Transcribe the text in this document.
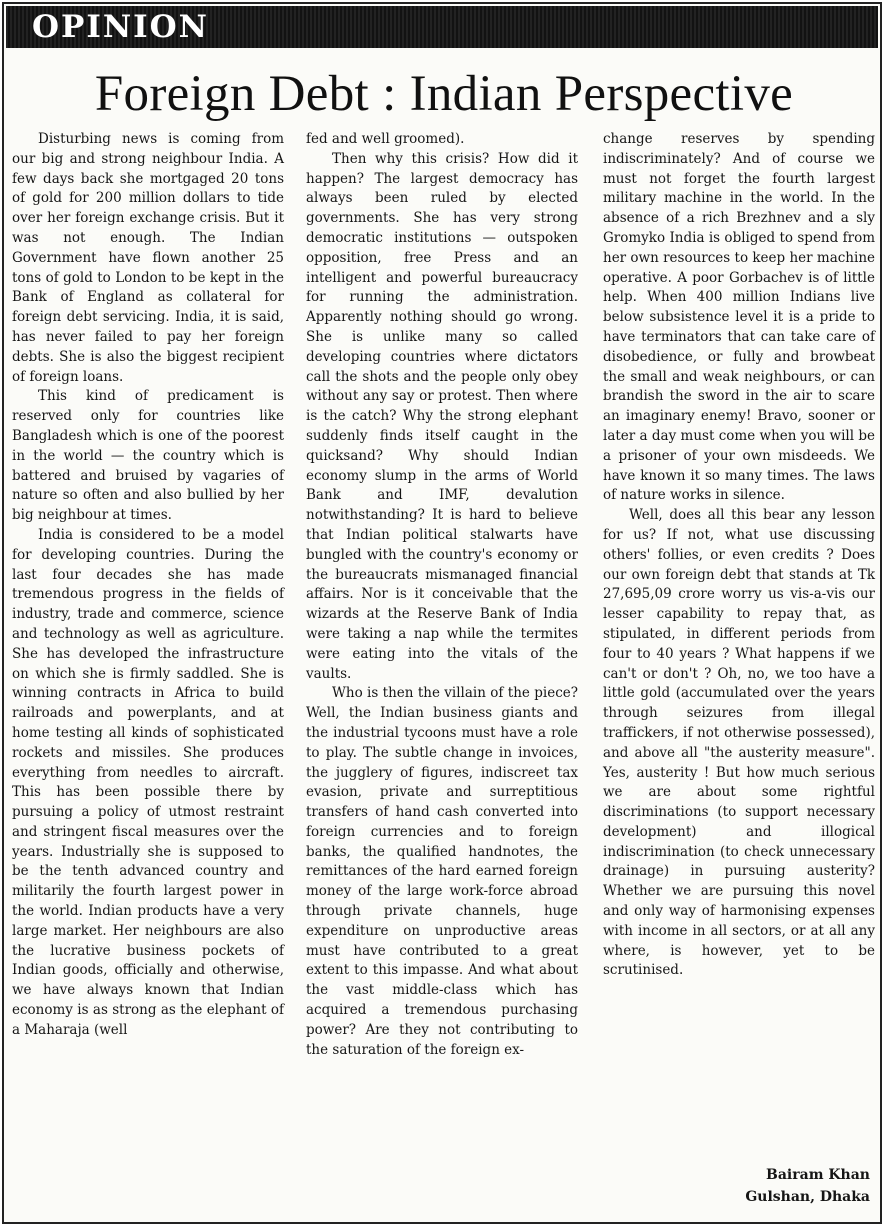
OPINION
Foreign Debt : Indian Perspective

Disturbing news is coming from our big and strong neighbour India. A few days back she mortgaged 20 tons of gold for 200 million dollars to tide over her foreign exchange crisis. But it was not enough. The Indian Government have flown another 25 tons of gold to London to be kept in the Bank of England as collateral for foreign debt servicing. India, it is said, has never failed to pay her foreign debts. She is also the biggest recipient of foreign loans.

This kind of predicament is reserved only for countries like Bangladesh which is one of the poorest in the world — the country which is battered and bruised by vagaries of nature so often and also bullied by her big neighbour at times.

India is considered to be a model for developing countries. During the last four decades she has made tremendous progress in the fields of industry, trade and commerce, science and technology as well as agriculture. She has developed the infrastructure on which she is firmly saddled. She is winning contracts in Africa to build railroads and powerplants, and at home testing all kinds of sophisticated rockets and missiles. She produces everything from needles to aircraft. This has been possible there by pursuing a policy of utmost restraint and stringent fiscal measures over the years. Industrially she is supposed to be the tenth advanced country and militarily the fourth largest power in the world. Indian products have a very large market. Her neighbours are also the lucrative business pockets of Indian goods, officially and otherwise, we have always known that Indian economy is as strong as the elephant of a Maharaja (well

fed and well groomed).

Then why this crisis? How did it happen? The largest democracy has always been ruled by elected governments. She has very strong democratic institutions — outspoken opposition, free Press and an intelligent and powerful bureaucracy for running the administration. Apparently nothing should go wrong. She is unlike many so called developing countries where dictators call the shots and the people only obey without any say or protest. Then where is the catch? Why the strong elephant suddenly finds itself caught in the quicksand? Why should Indian economy slump in the arms of World Bank and IMF, devalution notwithstanding? It is hard to believe that Indian political stalwarts have bungled with the country's economy or the bureaucrats mismanaged financial affairs. Nor is it conceivable that the wizards at the Reserve Bank of India were taking a nap while the termites were eating into the vitals of the vaults.

Who is then the villain of the piece? Well, the Indian business giants and the industrial tycoons must have a role to play. The subtle change in invoices, the jugglery of figures, indiscreet tax evasion, private and surreptitious transfers of hand cash converted into foreign currencies and to foreign banks, the qualified handnotes, the remittances of the hard earned foreign money of the large work-force abroad through private channels, huge expenditure on unproductive areas must have contributed to a great extent to this impasse. And what about the vast middle-class which has acquired a tremendous purchasing power? Are they not contributing to the saturation of the foreign ex-

change reserves by spending indiscriminately? And of course we must not forget the fourth largest military machine in the world. In the absence of a rich Brezhnev and a sly Gromyko India is obliged to spend from her own resources to keep her machine operative. A poor Gorbachev is of little help. When 400 million Indians live below subsistence level it is a pride to have terminators that can take care of disobedience, or fully and browbeat the small and weak neighbours, or can brandish the sword in the air to scare an imaginary enemy! Bravo, sooner or later a day must come when you will be a prisoner of your own misdeeds. We have known it so many times. The laws of nature works in silence.

Well, does all this bear any lesson for us? If not, what use discussing others' follies, or even credits ? Does our own foreign debt that stands at Tk 27,695,09 crore worry us vis-a-vis our lesser capability to repay that, as stipulated, in different periods from four to 40 years ? What happens if we can't or don't ? Oh, no, we too have a little gold (accumulated over the years through seizures from illegal traffickers, if not otherwise possessed), and above all "the austerity measure". Yes, austerity ! But how much serious we are about some rightful discriminations (to support necessary development) and illogical indiscrimination (to check unnecessary drainage) in pursuing austerity? Whether we are pursuing this novel and only way of harmonising expenses with income in all sectors, or at all any where, is however, yet to be scrutinised.

Bairam Khan
Gulshan, Dhaka
